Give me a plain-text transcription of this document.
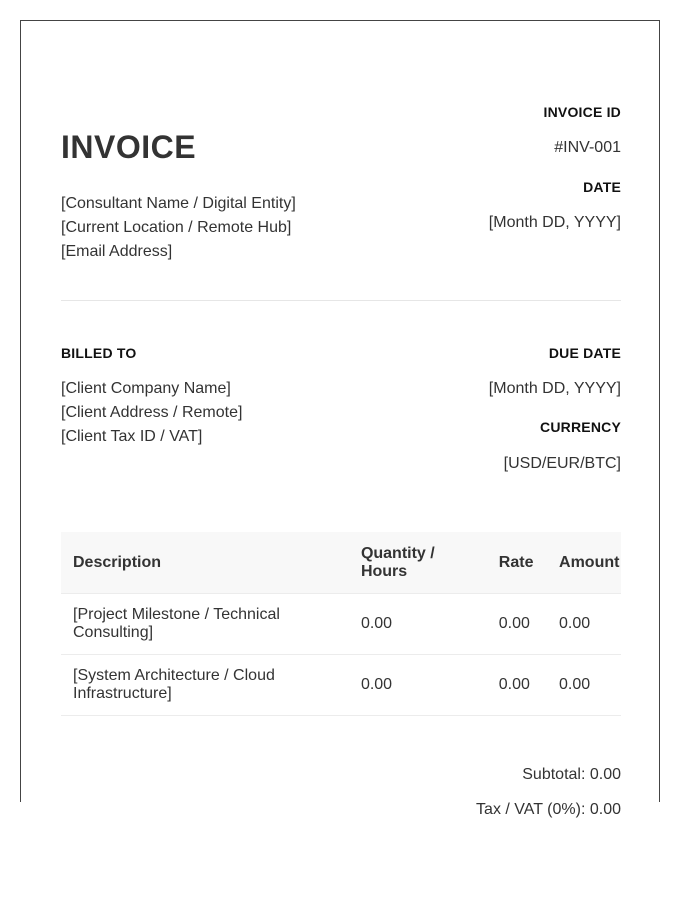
INVOICE
[Consultant Name / Digital Entity]
[Current Location / Remote Hub]
[Email Address]
INVOICE ID
#INV-001
DATE
[Month DD, YYYY]
BILLED TO
[Client Company Name]
[Client Address / Remote]
[Client Tax ID / VAT]
DUE DATE
[Month DD, YYYY]
CURRENCY
[USD/EUR/BTC]
Description	Quantity / Hours	Rate	Amount
[Project Milestone / Technical Consulting]	0.00	0.00	0.00
[System Architecture / Cloud Infrastructure]	0.00	0.00	0.00
Subtotal: 0.00
Tax / VAT (0%): 0.00
